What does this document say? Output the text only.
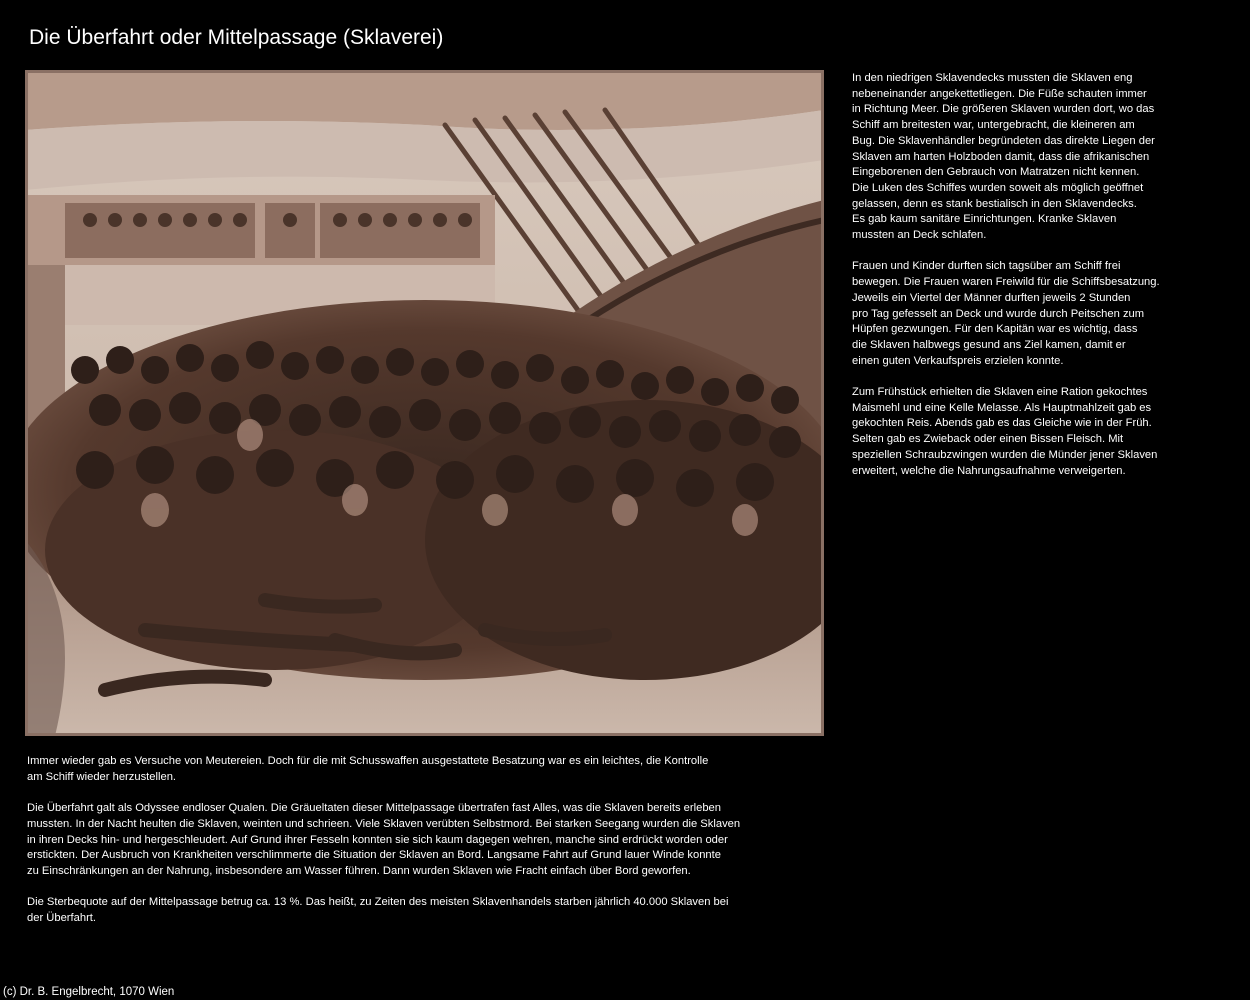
Die Überfahrt oder Mittelpassage (Sklaverei)
In den niedrigen Sklavendecks mussten die Sklaven eng
nebeneinander angekettetliegen. Die Füße schauten immer
in Richtung Meer. Die größeren Sklaven wurden dort, wo das
Schiff am breitesten war, untergebracht, die kleineren am
Bug. Die Sklavenhändler begründeten das direkte Liegen der
Sklaven am harten Holzboden damit, dass die afrikanischen
Eingeborenen den Gebrauch von Matratzen nicht kennen.
Die Luken des Schiffes wurden soweit als möglich geöffnet
gelassen, denn es stank bestialisch in den Sklavendecks.
Es gab kaum sanitäre Einrichtungen. Kranke Sklaven
mussten an Deck schlafen.
Frauen und Kinder durften sich tagsüber am Schiff frei
bewegen. Die Frauen waren Freiwild für die Schiffsbesatzung.
Jeweils ein Viertel der Männer durften jeweils 2 Stunden
pro Tag gefesselt an Deck und wurde durch Peitschen zum
Hüpfen gezwungen. Für den Kapitän war es wichtig, dass
die Sklaven halbwegs gesund ans Ziel kamen, damit er
einen guten Verkaufspreis erzielen konnte.
Zum Frühstück erhielten die Sklaven eine Ration gekochtes
Maismehl und eine Kelle Melasse. Als Hauptmahlzeit gab es
gekochten Reis. Abends gab es das Gleiche wie in der Früh.
Selten gab es Zwieback oder einen Bissen Fleisch. Mit
speziellen Schraubzwingen wurden die Münder jener Sklaven
erweitert, welche die Nahrungsaufnahme verweigerten.
Immer wieder gab es Versuche von Meutereien. Doch für die mit Schusswaffen ausgestattete Besatzung war es ein leichtes, die Kontrolle
am Schiff wieder herzustellen.
Die Überfahrt galt als Odyssee endloser Qualen. Die Gräueltaten dieser Mittelpassage übertrafen fast Alles, was die Sklaven bereits erleben
mussten. In der Nacht heulten die Sklaven, weinten und schrieen. Viele Sklaven verübten Selbstmord. Bei starken Seegang wurden die Sklaven
in ihren Decks hin- und hergeschleudert. Auf Grund ihrer Fesseln konnten sie sich kaum dagegen wehren, manche sind erdrückt worden oder
erstickten. Der Ausbruch von Krankheiten verschlimmerte die Situation der Sklaven an Bord. Langsame Fahrt auf Grund lauer Winde konnte
zu Einschränkungen an der Nahrung, insbesondere am Wasser führen. Dann wurden Sklaven wie Fracht einfach über Bord geworfen.
Die Sterbequote auf der Mittelpassage betrug ca. 13 %. Das heißt, zu Zeiten des meisten Sklavenhandels starben jährlich 40.000 Sklaven bei
der Überfahrt.
(c) Dr. B. Engelbrecht, 1070 Wien
